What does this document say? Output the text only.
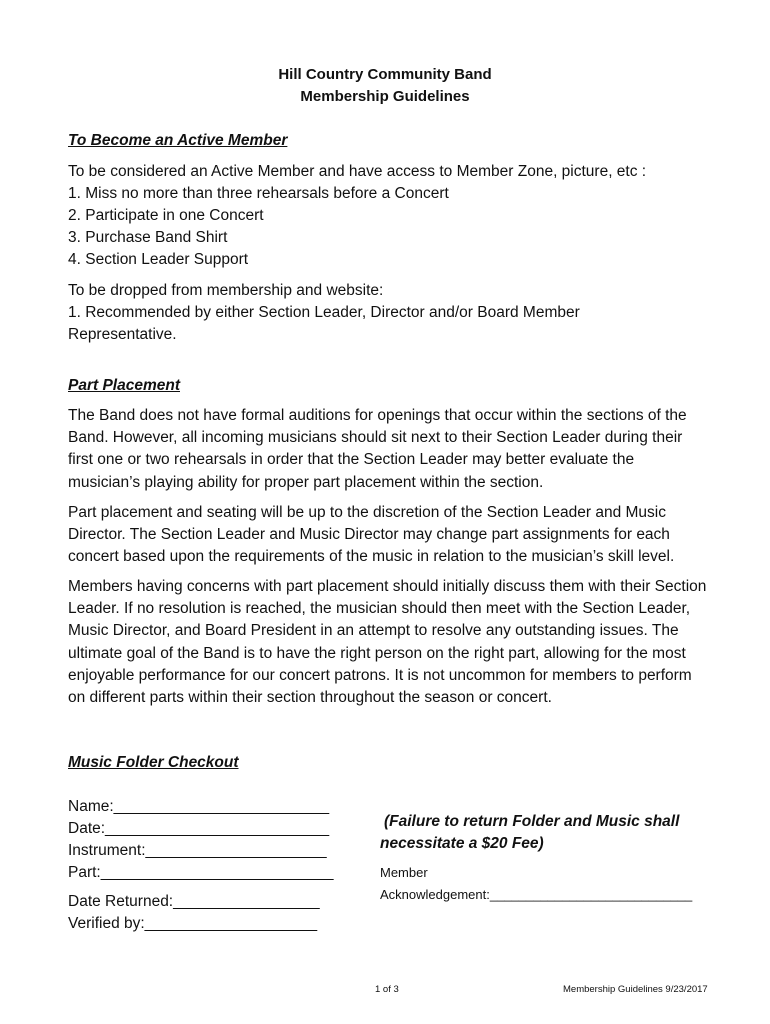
Hill Country Community Band
Membership Guidelines
To Become an Active Member
To be considered an Active Member and have access to Member Zone, picture, etc :
1. Miss no more than three rehearsals before a Concert
2. Participate in one Concert
3. Purchase Band Shirt
4. Section Leader Support
To be dropped from membership and website:
1. Recommended by either Section Leader, Director and/or Board Member
Representative.
Part Placement
The Band does not have formal auditions for openings that occur within the sections of the Band. However, all incoming musicians should sit next to their Section Leader during their first one or two rehearsals in order that the Section Leader may better evaluate the musician’s playing ability for proper part placement within the section.
Part placement and seating will be up to the discretion of the Section Leader and Music Director. The Section Leader and Music Director may change part assignments for each concert based upon the requirements of the music in relation to the musician’s skill level.
Members having concerns with part placement should initially discuss them with their Section Leader. If no resolution is reached, the musician should then meet with the Section Leader, Music Director, and Board President in an attempt to resolve any outstanding issues. The ultimate goal of the Band is to have the right person on the right part, allowing for the most enjoyable performance for our concert patrons. It is not uncommon for members to perform on different parts within their section throughout the season or concert.
Music Folder Checkout
Name:_________________________
Date:__________________________
Instrument:_____________________
Part:___________________________
Date Returned:_________________
Verified by:____________________
(Failure to return Folder and Music shall
necessitate a $20 Fee)
Member
Acknowledgement:____________________________
1 of 3	Membership Guidelines 9/23/2017
